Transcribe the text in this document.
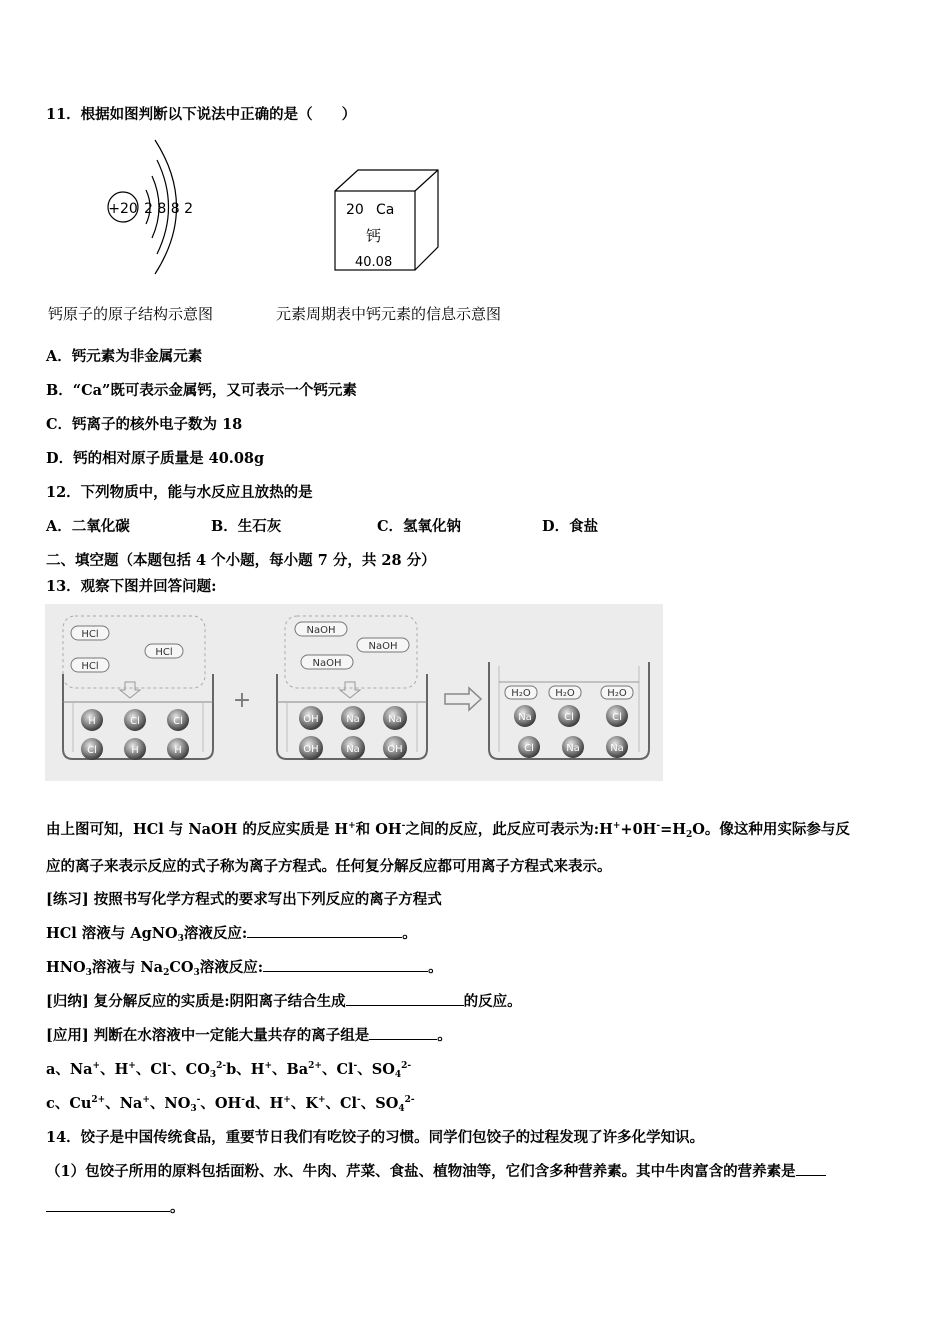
11．根据如图判断以下说法中正确的是（　　）
+20 2 8 8 2	20 Ca
钙
40.08
钙原子的原子结构示意图	元素周期表中钙元素的信息示意图
A．钙元素为非金属元素
B．“Ca”既可表示金属钙，又可表示一个钙元素
C．钙离子的核外电子数为 18
D．钙的相对原子质量是 40.08g
12．下列物质中，能与水反应且放热的是
A．二氧化碳	B．生石灰	C．氢氧化钠	D．食盐
二、填空题（本题包括 4 个小题，每小题 7 分，共 28 分）
13．观察下图并回答问题:
HCl
HCl
HCl
H	Cl	Cl
Cl	H	H
+
NaOH
NaOH
NaOH
OH	Na	Na
OH	Na	OH
H₂O H₂O	H₂O
Na	Cl	Cl
Cl	Na	Na
由上图可知，HCl 与 NaOH 的反应实质是 H+和 OH-之间的反应，此反应可表示为$:H^++0H^-=H_2O$。像这种用实际参与反
应的离子来表示反应的式子称为离子方程式。任何复分解反应都可用离子方程式来表示。
[练习] 按照书写化学方程式的要求写出下列反应的离子方程式
HCl 溶液与 AgNO$_3$溶液反应:	。
$HNO_3$溶液与 $Na_2CO_3$溶液反应:	。
[归纳] 复分解反应的实质是:阴阳离子结合生成	的反应。
[应用] 判断在水溶液中一定能大量共存的离子组是	。
a、Na+、H+、Cl-、$CO_3^{2-}b$、H+、$Ba^{2+}$、Cl-、$SO_4^{2-}$
c、$Cu^{2+}$、Na+、$NO_3^-$、OH-d、H+、K+、Cl-、$SO_4^{2-}$
14．饺子是中国传统食品，重要节日我们有吃饺子的习惯。同学们包饺子的过程发现了许多化学知识。
（1）包饺子所用的原料包括面粉、水、牛肉、芹菜、食盐、植物油等，它们含多种营养素。其中牛肉富含的营养素是
。
